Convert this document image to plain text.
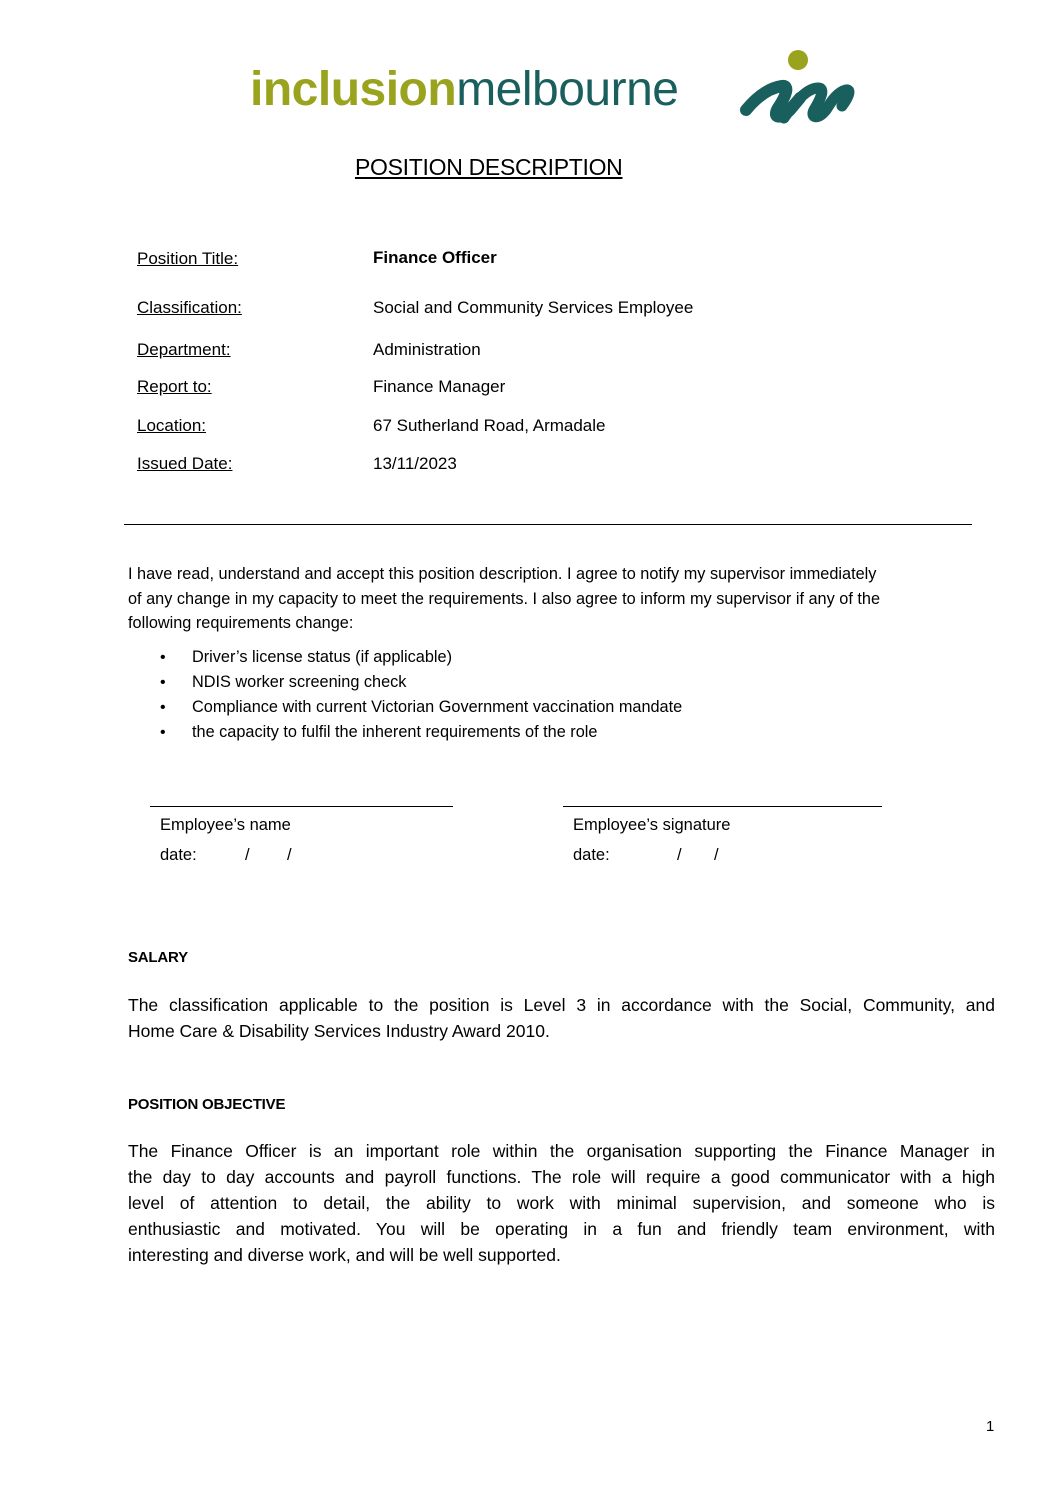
inclusionmelbourne
POSITION DESCRIPTION
Position Title:	Finance Officer
Classification:	Social and Community Services Employee
Department:	Administration
Report to:	Finance Manager
Location:	67 Sutherland Road, Armadale
Issued Date:	13/11/2023
I have read, understand and accept this position description. I agree to notify my supervisor immediately
of any change in my capacity to meet the requirements. I also agree to inform my supervisor if any of the
following requirements change:
• Driver’s license status (if applicable)
• NDIS worker screening check
• Compliance with current Victorian Government vaccination mandate
• the capacity to fulfil the inherent requirements of the role
Employee’s name	Employee’s signature
date:	/ /	date:	/ /
SALARY
The classification applicable to the position is Level 3 in accordance with the Social, Community, and
Home Care & Disability Services Industry Award 2010.
POSITION OBJECTIVE
The Finance Officer is an important role within the organisation supporting the Finance Manager in
the day to day accounts and payroll functions. The role will require a good communicator with a high
level of attention to detail, the ability to work with minimal supervision, and someone who is
enthusiastic and motivated. You will be operating in a fun and friendly team environment, with
interesting and diverse work, and will be well supported.
1
